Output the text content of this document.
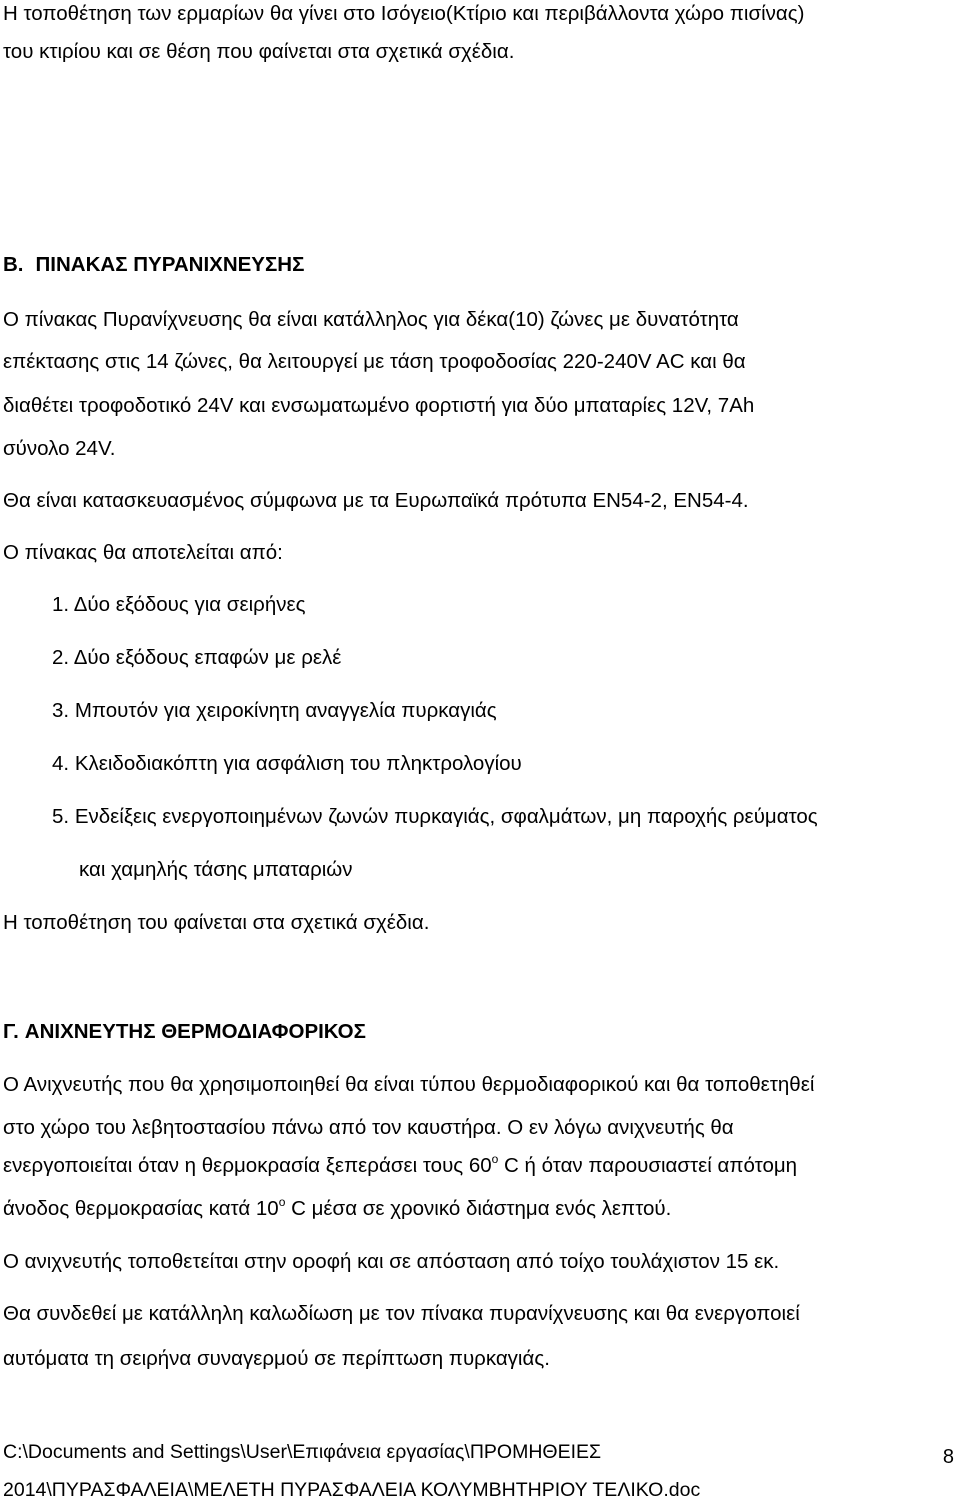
Η τοποθέτηση των ερμαρίων θα γίνει στο Ισόγειο(Κτίριο και περιβάλλοντα χώρο πισίνας)
του κτιρίου και σε θέση που φαίνεται στα σχετικά σχέδια.
Β. ΠΙΝΑΚΑΣ ΠΥΡΑΝΙΧΝΕΥΣΗΣ
Ο πίνακας Πυρανίχνευσης θα είναι κατάλληλος για δέκα(10) ζώνες με δυνατότητα
επέκτασης στις 14 ζώνες, θα λειτουργεί με τάση τροφοδοσίας 220-240V AC και θα
διαθέτει τροφοδοτικό 24V και ενσωματωμένο φορτιστή για δύο μπαταρίες 12V, 7Ah
σύνολο 24V.
Θα είναι κατασκευασμένος σύμφωνα με τα Ευρωπαϊκά πρότυπα EN54-2, EN54-4.
Ο πίνακας θα αποτελείται από:
1. Δύο εξόδους για σειρήνες
2. Δύο εξόδους επαφών με ρελέ
3. Μπουτόν για χειροκίνητη αναγγελία πυρκαγιάς
4. Κλειδοδιακόπτη για ασφάλιση του πληκτρολογίου
5. Ενδείξεις ενεργοποιημένων ζωνών πυρκαγιάς, σφαλμάτων, μη παροχής ρεύματος
και χαμηλής τάσης μπαταριών
Η τοποθέτηση του φαίνεται στα σχετικά σχέδια.
Γ. ΑΝΙΧΝΕΥΤΗΣ ΘΕΡΜΟΔΙΑΦΟΡΙΚΟΣ
Ο Ανιχνευτής που θα χρησιμοποιηθεί θα είναι τύπου θερμοδιαφορικού και θα τοποθετηθεί
στο χώρο του λεβητοστασίου πάνω από τον καυστήρα. Ο εν λόγω ανιχνευτής θα
ενεργοποιείται όταν η θερμοκρασία ξεπεράσει τους $60^o$ C ή όταν παρουσιαστεί απότομη
άνοδος θερμοκρασίας κατά $10^o$ C μέσα σε χρονικό διάστημα ενός λεπτού.
Ο ανιχνευτής τοποθετείται στην οροφή και σε απόσταση από τοίχο τουλάχιστον 15 εκ.
Θα συνδεθεί με κατάλληλη καλωδίωση με τον πίνακα πυρανίχνευσης και θα ενεργοποιεί
αυτόματα τη σειρήνα συναγερμού σε περίπτωση πυρκαγιάς.
C:\Documents and Settings\User\Επιφάνεια εργασίας\ΠΡΟΜΗΘΕΙΕΣ
2014\ΠΥΡΑΣΦΑΛΕΙΑ\ΜΕΛΕΤΗ ΠΥΡΑΣΦΑΛΕΙΑ ΚΟΛΥΜΒΗΤΗΡΙΟΥ ΤΕΛΙΚΟ.doc
8
